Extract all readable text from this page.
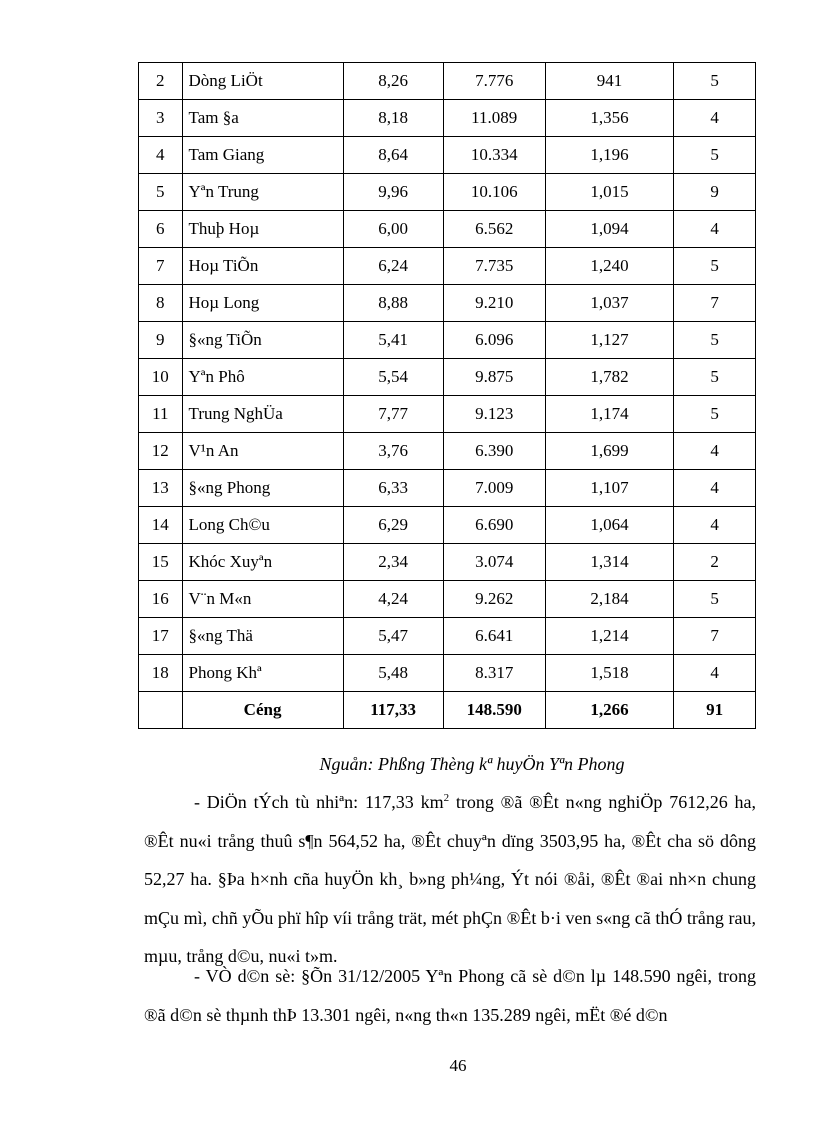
2	Dòng LiÖt	8,26	7.776	941	5
3	Tam §a	8,18	11.089	1,356	4
4	Tam Giang	8,64	10.334	1,196	5
5	Yªn Trung	9,96	10.106	1,015	9
6	Thuþ Hoµ	6,00	6.562	1,094	4
7	Hoµ TiÕn	6,24	7.735	1,240	5
8	Hoµ Long	8,88	9.210	1,037	7
9	§«ng TiÕn	5,41	6.096	1,127	5
10	Yªn Phô	5,54	9.875	1,782	5
11	Trung NghÜa	7,77	9.123	1,174	5
12	V¹n An	3,76	6.390	1,699	4
13	§«ng Phong	6,33	7.009	1,107	4
14	Long Ch©u	6,29	6.690	1,064	4
15	Khóc Xuyªn	2,34	3.074	1,314	2
16	V¨n M«n	4,24	9.262	2,184	5
17	§«ng Thä	5,47	6.641	1,214	7
18	Phong Khª	5,48	8.317	1,518	4
	Céng	117,33	148.590	1,266	91
Nguån: Phßng Thèng kª huyÖn Yªn Phong

- DiÖn tÝch tù nhiªn: 117,33 $km^2$ trong ®ã ®Êt n«ng nghiÖp 7612,26 ha, ®Êt nu«i trång thuû s¶n 564,52 ha, ®Êt chuyªn dïng 3503,95 ha, ®Êt cha sö dông 52,27 ha. §Þa h×nh cña huyÖn kh¸ b»ng ph¼ng, Ýt nói ®åi, ®Êt ®ai nh×n chung mÇu mì, chñ yÕu phï hîp víi trång trät, mét phÇn ®Êt b·i ven s«ng cã thÓ trång rau, mµu, trång d©u, nu«i t»m.

- VÒ d©n sè: §Õn 31/12/2005 Yªn Phong cã sè d©n lµ 148.590 ngêi, trong ®ã d©n sè thµnh thÞ 13.301 ngêi, n«ng th«n 135.289 ngêi, mËt ®é d©n

46
